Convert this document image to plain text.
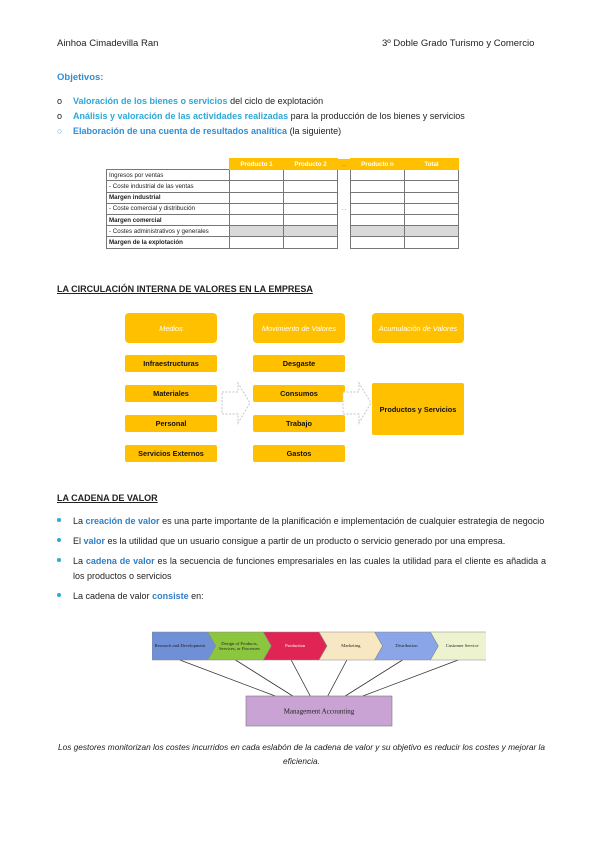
Ainhoa Cimadevilla Ran	3º Doble Grado Turismo y Comercio
Objetivos:
o Valoración de los bienes o servicios del ciclo de explotación
o Análisis y valoración de las actividades realizadas para la producción de los bienes y servicios
○ Elaboración de una cuenta de resultados analítica (la siguiente)
	Producto 1	Producto 2	...	Producto n	Total
Ingresos por ventas					
- Coste industrial de las ventas					
Margen industrial					
- Coste comercial y distribución			...		
Margen comercial					
- Costes administrativos y generales					
Margen de la explotación					
LA CIRCULACIÓN INTERNA DE VALORES EN LA EMPRESA
Medios	Movimiento de Valores	Acumulación de Valores
Infraestructuras
Materiales
Personal
Servicios Externos
Desgaste
Consumos
Trabajo
Gastos
Productos y Servicios
LA CADENA DE VALOR
La creación de valor es una parte importante de la planificación e implementación de cualquier estrategia de negocio
El valor es la utilidad que un usuario consigue a partir de un producto o servicio generado por una empresa.
La cadena de valor es la secuencia de funciones empresariales en las cuales la utilidad para el cliente es añadida a los productos o servicios
La cadena de valor consiste en:
Research and Development
Design of Products, Services, or Processes
Production	Marketing	Distribution	Customer Service
Management Accounting
Los gestores monitorizan los costes incurridos en cada eslabón de la cadena de valor y su objetivo es reducir los costes y mejorar la eficiencia.
